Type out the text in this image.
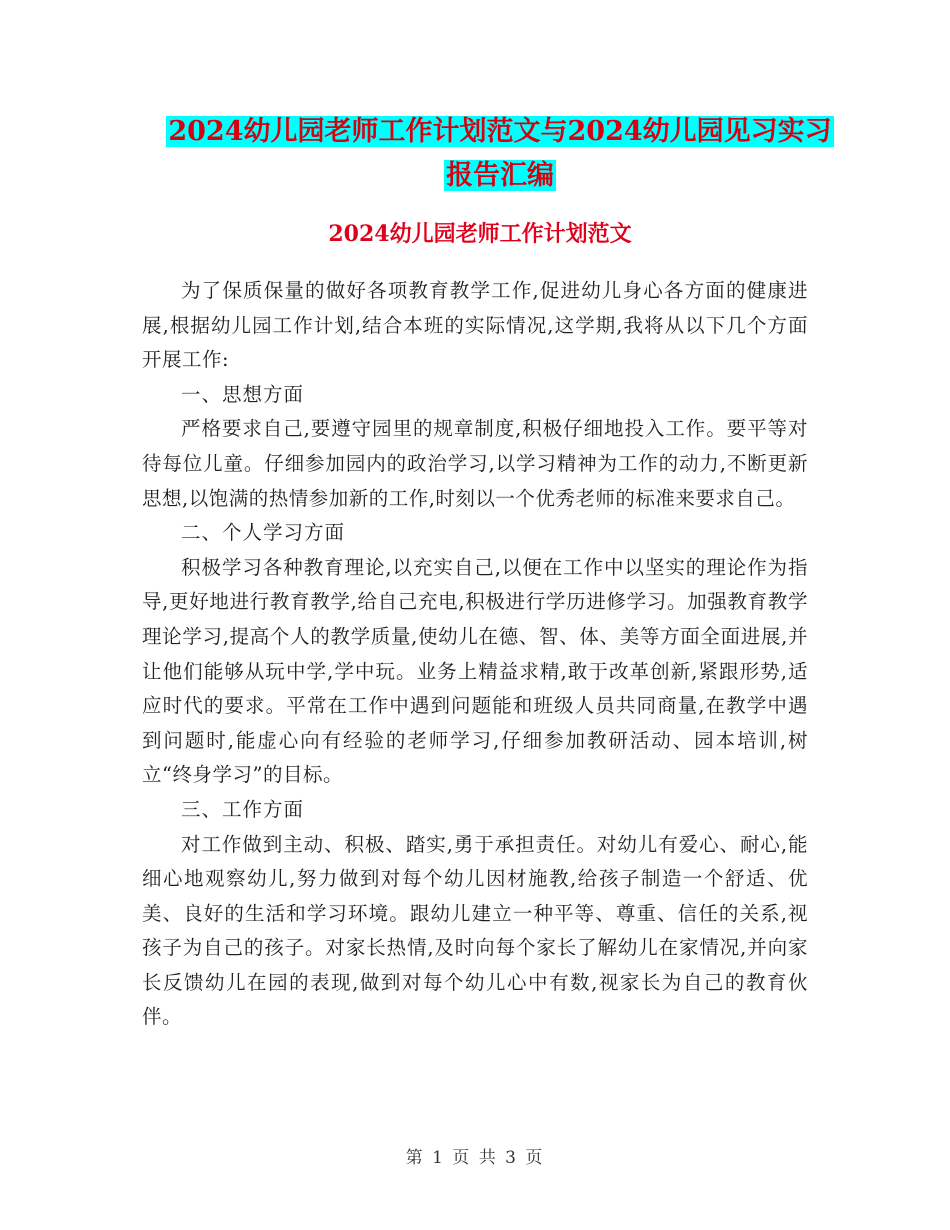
2024幼儿园老师工作计划范文与2024幼儿园见习实习
报告汇编
2024幼儿园老师工作计划范文

为了保质保量的做好各项教育教学工作,促进幼儿身心各方面的健康进展,根据幼儿园工作计划,结合本班的实际情况,这学期,我将从以下几个方面开展工作:

一、思想方面

严格要求自己,要遵守园里的规章制度,积极仔细地投入工作。要平等对待每位儿童。仔细参加园内的政治学习,以学习精神为工作的动力,不断更新思想,以饱满的热情参加新的工作,时刻以一个优秀老师的标准来要求自己。

二、个人学习方面

积极学习各种教育理论,以充实自己,以便在工作中以坚实的理论作为指导,更好地进行教育教学,给自己充电,积极进行学历进修学习。加强教育教学理论学习,提高个人的教学质量,使幼儿在德、智、体、美等方面全面进展,并让他们能够从玩中学,学中玩。业务上精益求精,敢于改革创新,紧跟形势,适应时代的要求。平常在工作中遇到问题能和班级人员共同商量,在教学中遇到问题时,能虚心向有经验的老师学习,仔细参加教研活动、园本培训,树立“终身学习”的目标。

三、工作方面

对工作做到主动、积极、踏实,勇于承担责任。对幼儿有爱心、耐心,能细心地观察幼儿,努力做到对每个幼儿因材施教,给孩子制造一个舒适、优美、良好的生活和学习环境。跟幼儿建立一种平等、尊重、信任的关系,视孩子为自己的孩子。对家长热情,及时向每个家长了解幼儿在家情况,并向家长反馈幼儿在园的表现,做到对每个幼儿心中有数,视家长为自己的教育伙伴。

第 1 页 共 3 页
